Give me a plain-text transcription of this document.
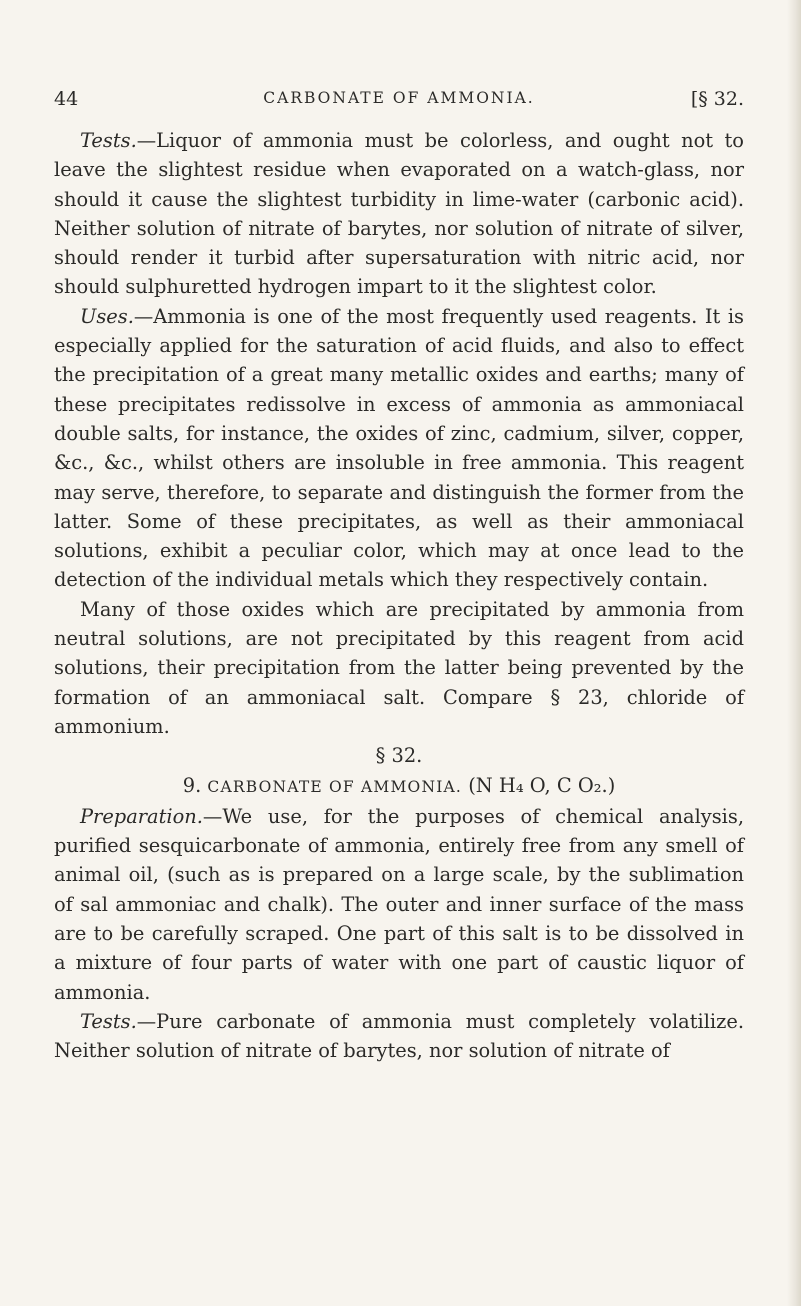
44	CARBONATE OF AMMONIA.	[§ 32.

Tests.—Liquor of ammonia must be colorless, and ought not to leave the slightest residue when evaporated on a watch-glass, nor should it cause the slightest turbidity in lime-water (carbonic acid). Neither solution of nitrate of barytes, nor solution of nitrate of silver, should render it turbid after supersaturation with nitric acid, nor should sulphuretted hydrogen impart to it the slightest color.

Uses.—Ammonia is one of the most frequently used reagents. It is especially applied for the saturation of acid fluids, and also to effect the precipitation of a great many metallic oxides and earths; many of these precipitates redissolve in excess of ammonia as ammoniacal double salts, for instance, the oxides of zinc, cadmium, silver, copper, &c., &c., whilst others are insoluble in free ammonia. This reagent may serve, therefore, to separate and distinguish the former from the latter. Some of these precipitates, as well as their ammoniacal solutions, exhibit a peculiar color, which may at once lead to the detection of the individual metals which they respectively contain.

Many of those oxides which are precipitated by ammonia from neutral solutions, are not precipitated by this reagent from acid solutions, their precipitation from the latter being prevented by the formation of an ammoniacal salt. Compare § 23, chloride of ammonium.

§ 32.

9. CARBONATE OF AMMONIA. (N H₄ O, C O₂.)

Preparation.—We use, for the purposes of chemical analysis, purified sesquicarbonate of ammonia, entirely free from any smell of animal oil, (such as is prepared on a large scale, by the sublimation of sal ammoniac and chalk). The outer and inner surface of the mass are to be carefully scraped. One part of this salt is to be dissolved in a mixture of four parts of water with one part of caustic liquor of ammonia.

Tests.—Pure carbonate of ammonia must completely volatilize. Neither solution of nitrate of barytes, nor solution of nitrate of
